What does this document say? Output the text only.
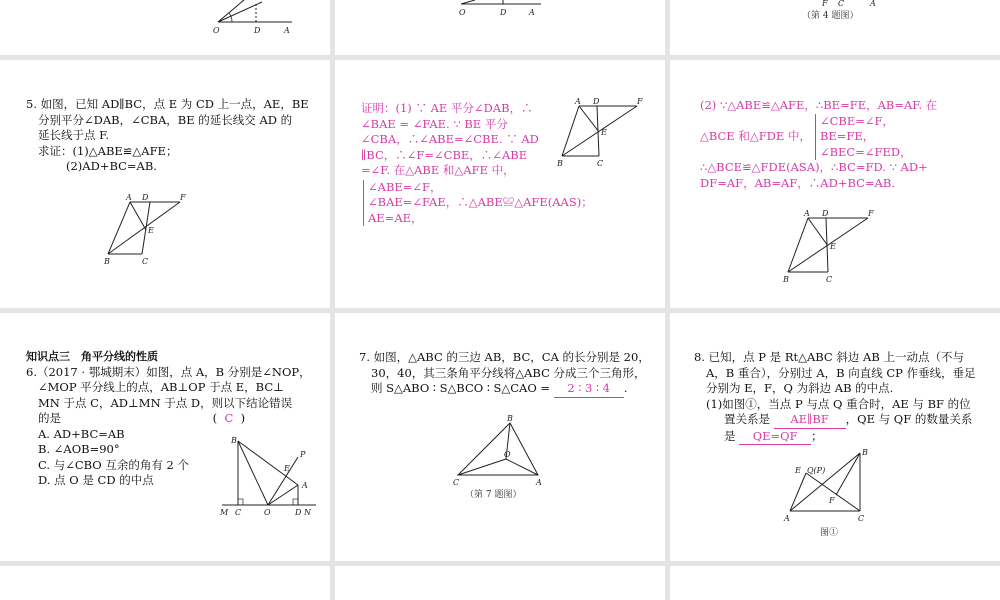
O	D	A
O	D	A
F C	A
（第 4 题图）
5. 如图，已知 AD∥BC，点 E 为 CD 上一点，AE，BE
分别平分∠DAB，∠CBA，BE 的延长线交 AD 的
延长线于点 F.
求证：(1)△ABE≌△AFE；
(2)AD+BC=AB.
A D	F
E
B	C
证明：(1) ∵ AE 平分∠DAB，∴
∠BAE = ∠FAE. ∵ BE 平分
∠CBA，∴∠ABE=∠CBE. ∵ AD
∥BC，∴∠F=∠CBE，∴∠ABE
=∠F. 在△ABE 和△AFE 中，
∠ABE=∠F，
∠BAE=∠FAE，∴△ABE≌△AFE(AAS)；
AE=AE，
A D	F
E
B	C
(2) ∵△ABE≌△AFE，∴BE=FE，AB=AF. 在
△BCE 和△FDE 中，
∠CBE=∠F，
BE=FE，
∠BEC=∠FED，
∴△BCE≌△FDE(ASA)，∴BC=FD. ∵ AD+
DF=AF，AB=AF，∴AD+BC=AB.
A D	F
E
B	C
知识点三　角平分线的性质
6.（2017 · 鄂城期末）如图，点 A，B 分别是∠NOP，
∠MOP 平分线上的点，AB⊥OP 于点 E，BC⊥
MN 于点 C，AD⊥MN 于点 D，则以下结论错误
的是	(  C  )
A. AD+BC=AB
B. ∠AOB=90°
C. 与∠CBO 互余的角有 2 个
D. 点 O 是 CD 的中点
B
P
E
A
M C	O	D N
7. 如图，△ABC 的三边 AB，BC，CA 的长分别是 20，
30，40，其三条角平分线将△ABC 分成三个三角形，
则 S△ABO ∶ S△BCO ∶ S△CAO = 2 ∶ 3 ∶ 4 .
B
O
C	A
（第 7 题图）
8. 已知，点 P 是 Rt△ABC 斜边 AB 上一动点（不与
A，B 重合），分别过 A，B 向直线 CP 作垂线，垂足
分别为 E，F，Q 为斜边 AB 的中点.
(1)如图①，当点 P 与点 Q 重合时，AE 与 BF 的位
置关系是 AE∥BF ，QE 与 QF 的数量关系
是 QE=QF ；
B
E Q(P)
F
A	C
图①
